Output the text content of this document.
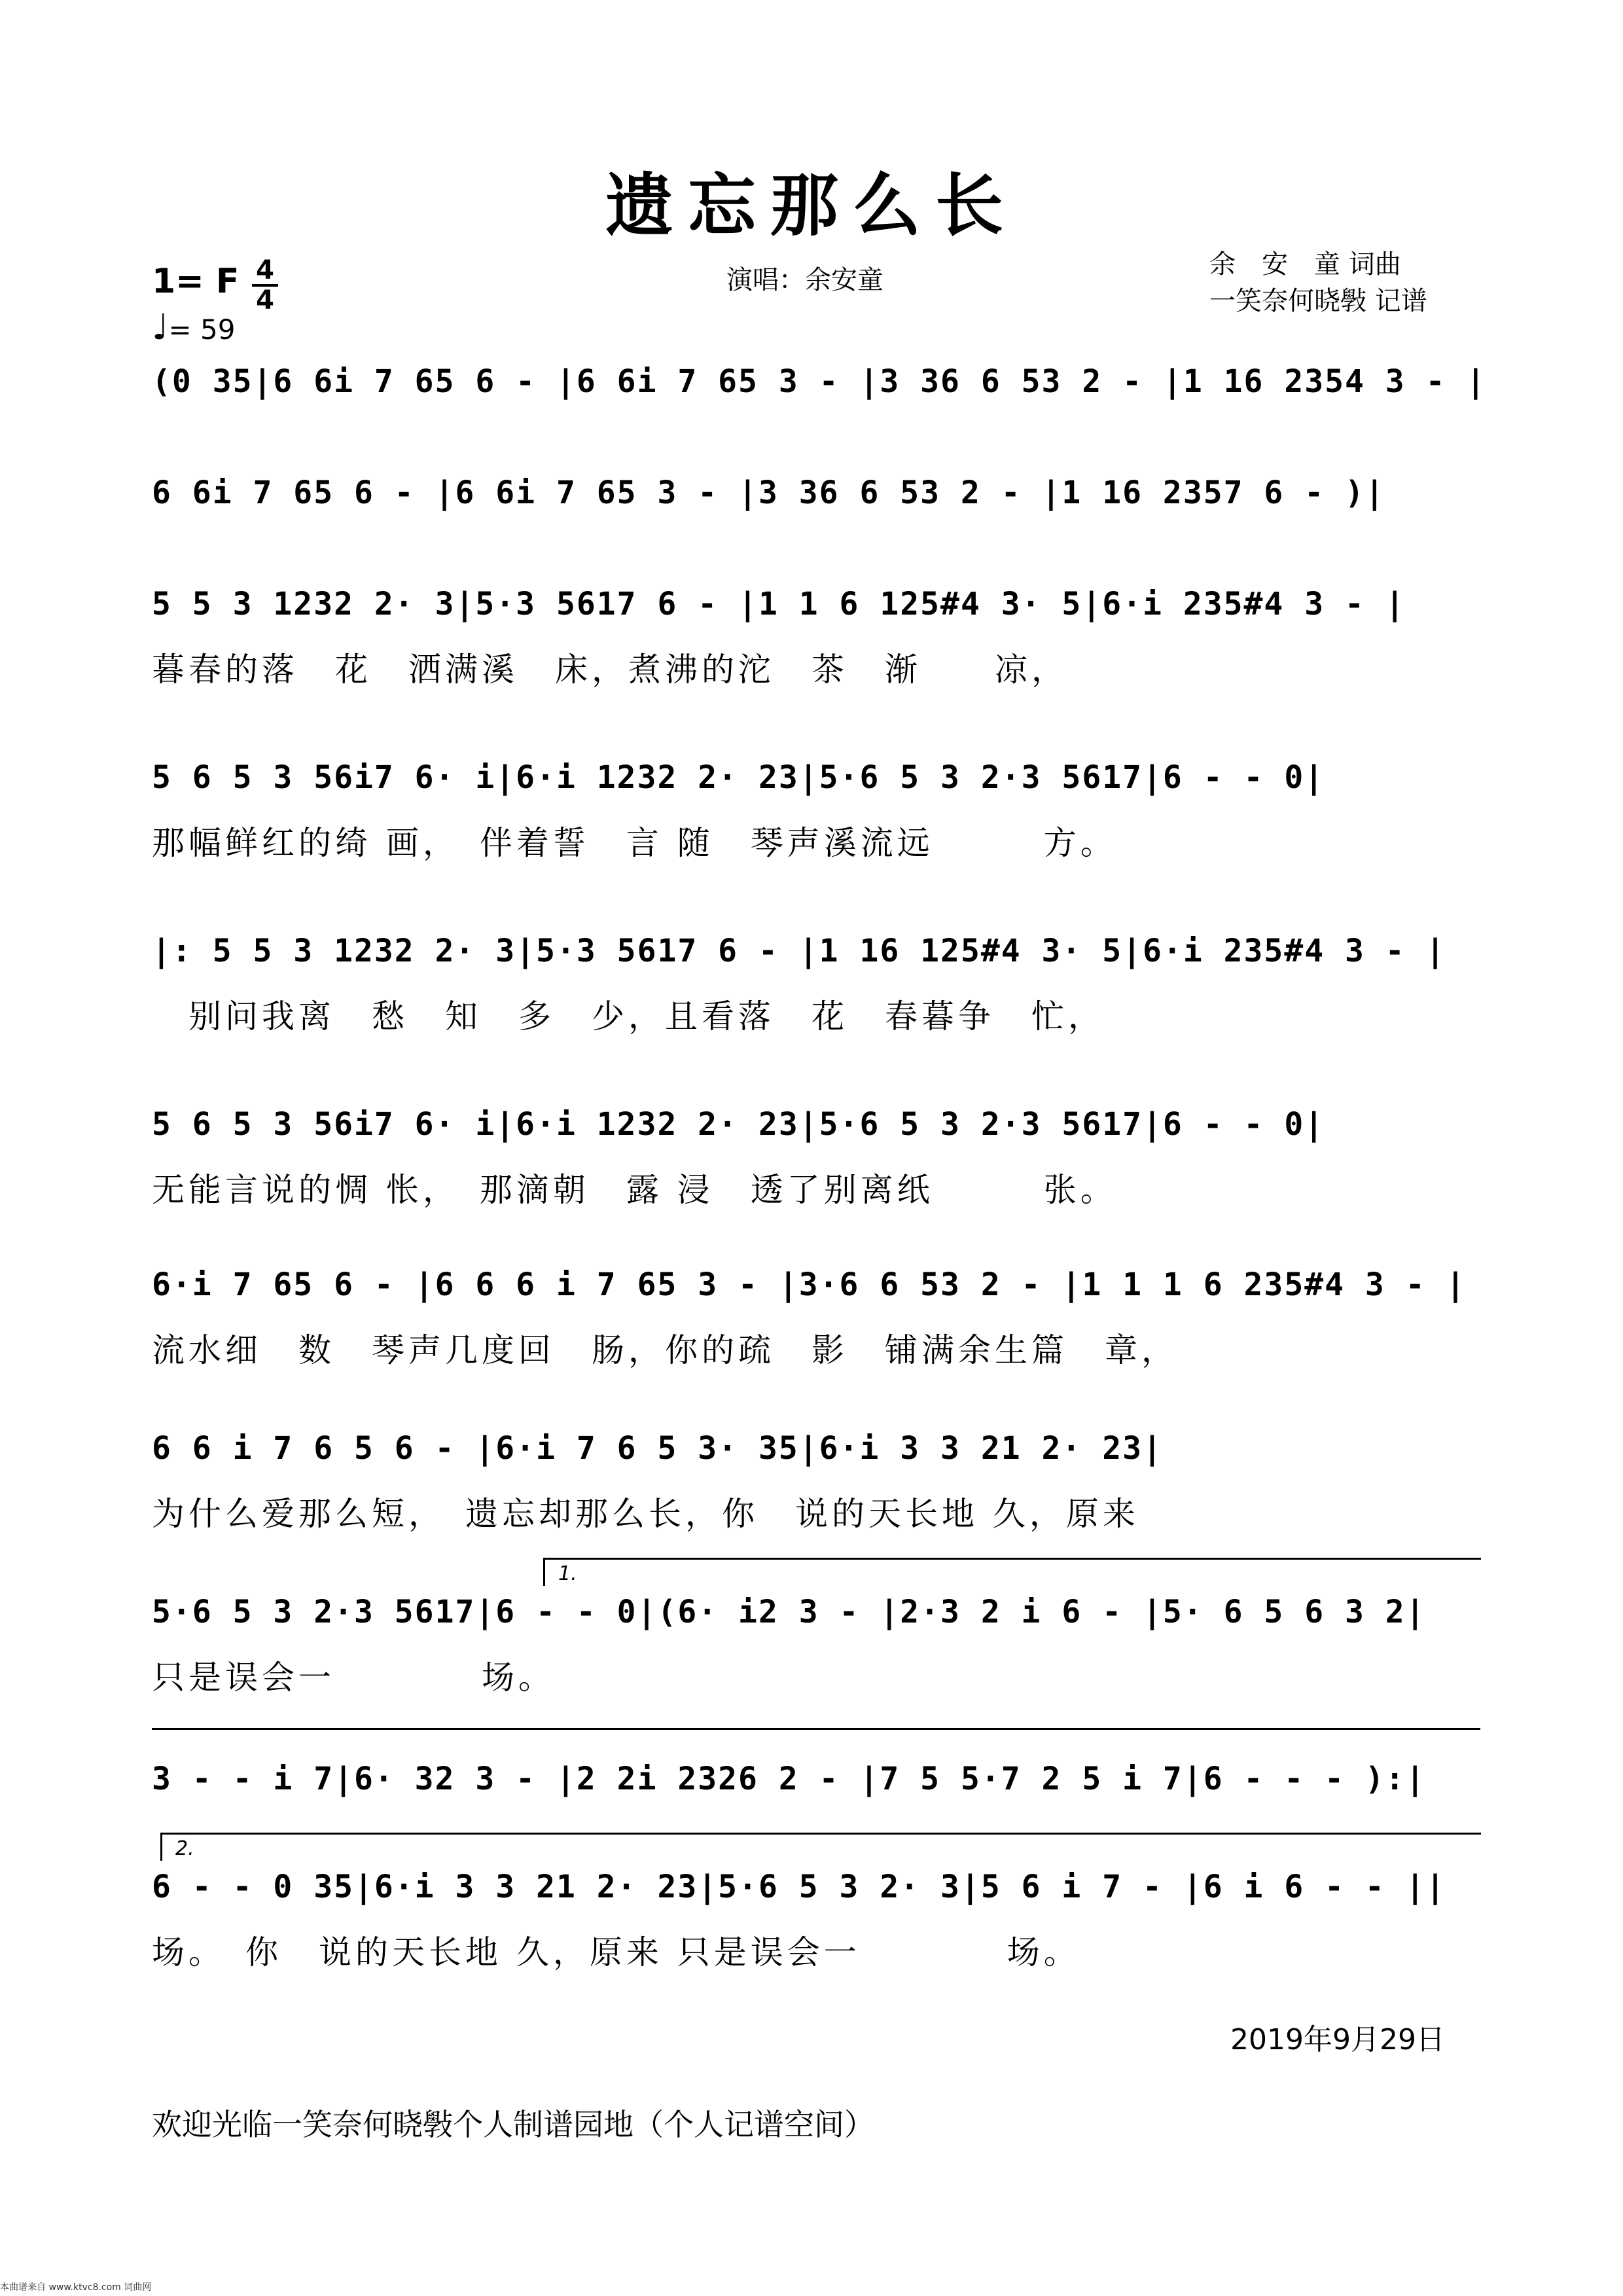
遗忘那么长
1= F 4
4
♩= 59
演唱：余安童
余　安　童 词曲
一笑奈何晓斅 记谱
(0 35|6 6i 7 65 6 - |6 6i 7 65 3 - |3 36 6 53 2 - |1 16 2354 3 - |
6 6i 7 65 6 - |6 6i 7 65 3 - |3 36 6 53 2 - |1 16 2357 6 - )|
5 5 3 1232 2· 3|5·3 5617 6 - |1 1 6 125#4 3· 5|6·i 235#4 3 - |
暮春的落　花　洒满溪　床，煮沸的沱　茶　渐　　凉，
5 6 5 3 56i7 6· i|6·i 1232 2· 23|5·6 5 3 2·3 5617|6 - - 0|
那幅鲜红的绮 画，　伴着誓　言 随　琴声溪流远　　　方。
|: 5 5 3 1232 2· 3|5·3 5617 6 - |1 16 125#4 3· 5|6·i 235#4 3 - |
　别问我离　愁　知　多　少，且看落　花　春暮争　忙，
5 6 5 3 56i7 6· i|6·i 1232 2· 23|5·6 5 3 2·3 5617|6 - - 0|
无能言说的惆 怅，　那滴朝　露 浸　透了别离纸　　　张。
6·i 7 65 6 - |6 6 6 i 7 65 3 - |3·6 6 53 2 - |1 1 1 6 235#4 3 - |
流水细　数　琴声几度回　肠，你的疏　影　铺满余生篇　章，
6 6 i 7 6 5 6 - |6·i 7 6 5 3· 35|6·i 3 3 21 2· 23|
为什么爱那么短，　遗忘却那么长，你　说的天长地 久，原来
1.
5·6 5 3 2·3 5617|6 - - 0|(6· i2 3 - |2·3 2 i 6 - |5· 6 5 6 3 2|
只是误会一　　　　场。
3 - - i 7|6· 32 3 - |2 2i 2326 2 - |7 5 5·7 2 5 i 7|6 - - - ):|
2.
6 - - 0 35|6·i 3 3 21 2· 23|5·6 5 3 2· 3|5 6 i 7 - |6 i 6 - - ||
场。　你　说的天长地 久，原来 只是误会一　　　　场。
2019年9月29日
欢迎光临一笑奈何晓斅个人制谱园地（个人记谱空间）
本曲谱来自 www.ktvc8.com 词曲网
